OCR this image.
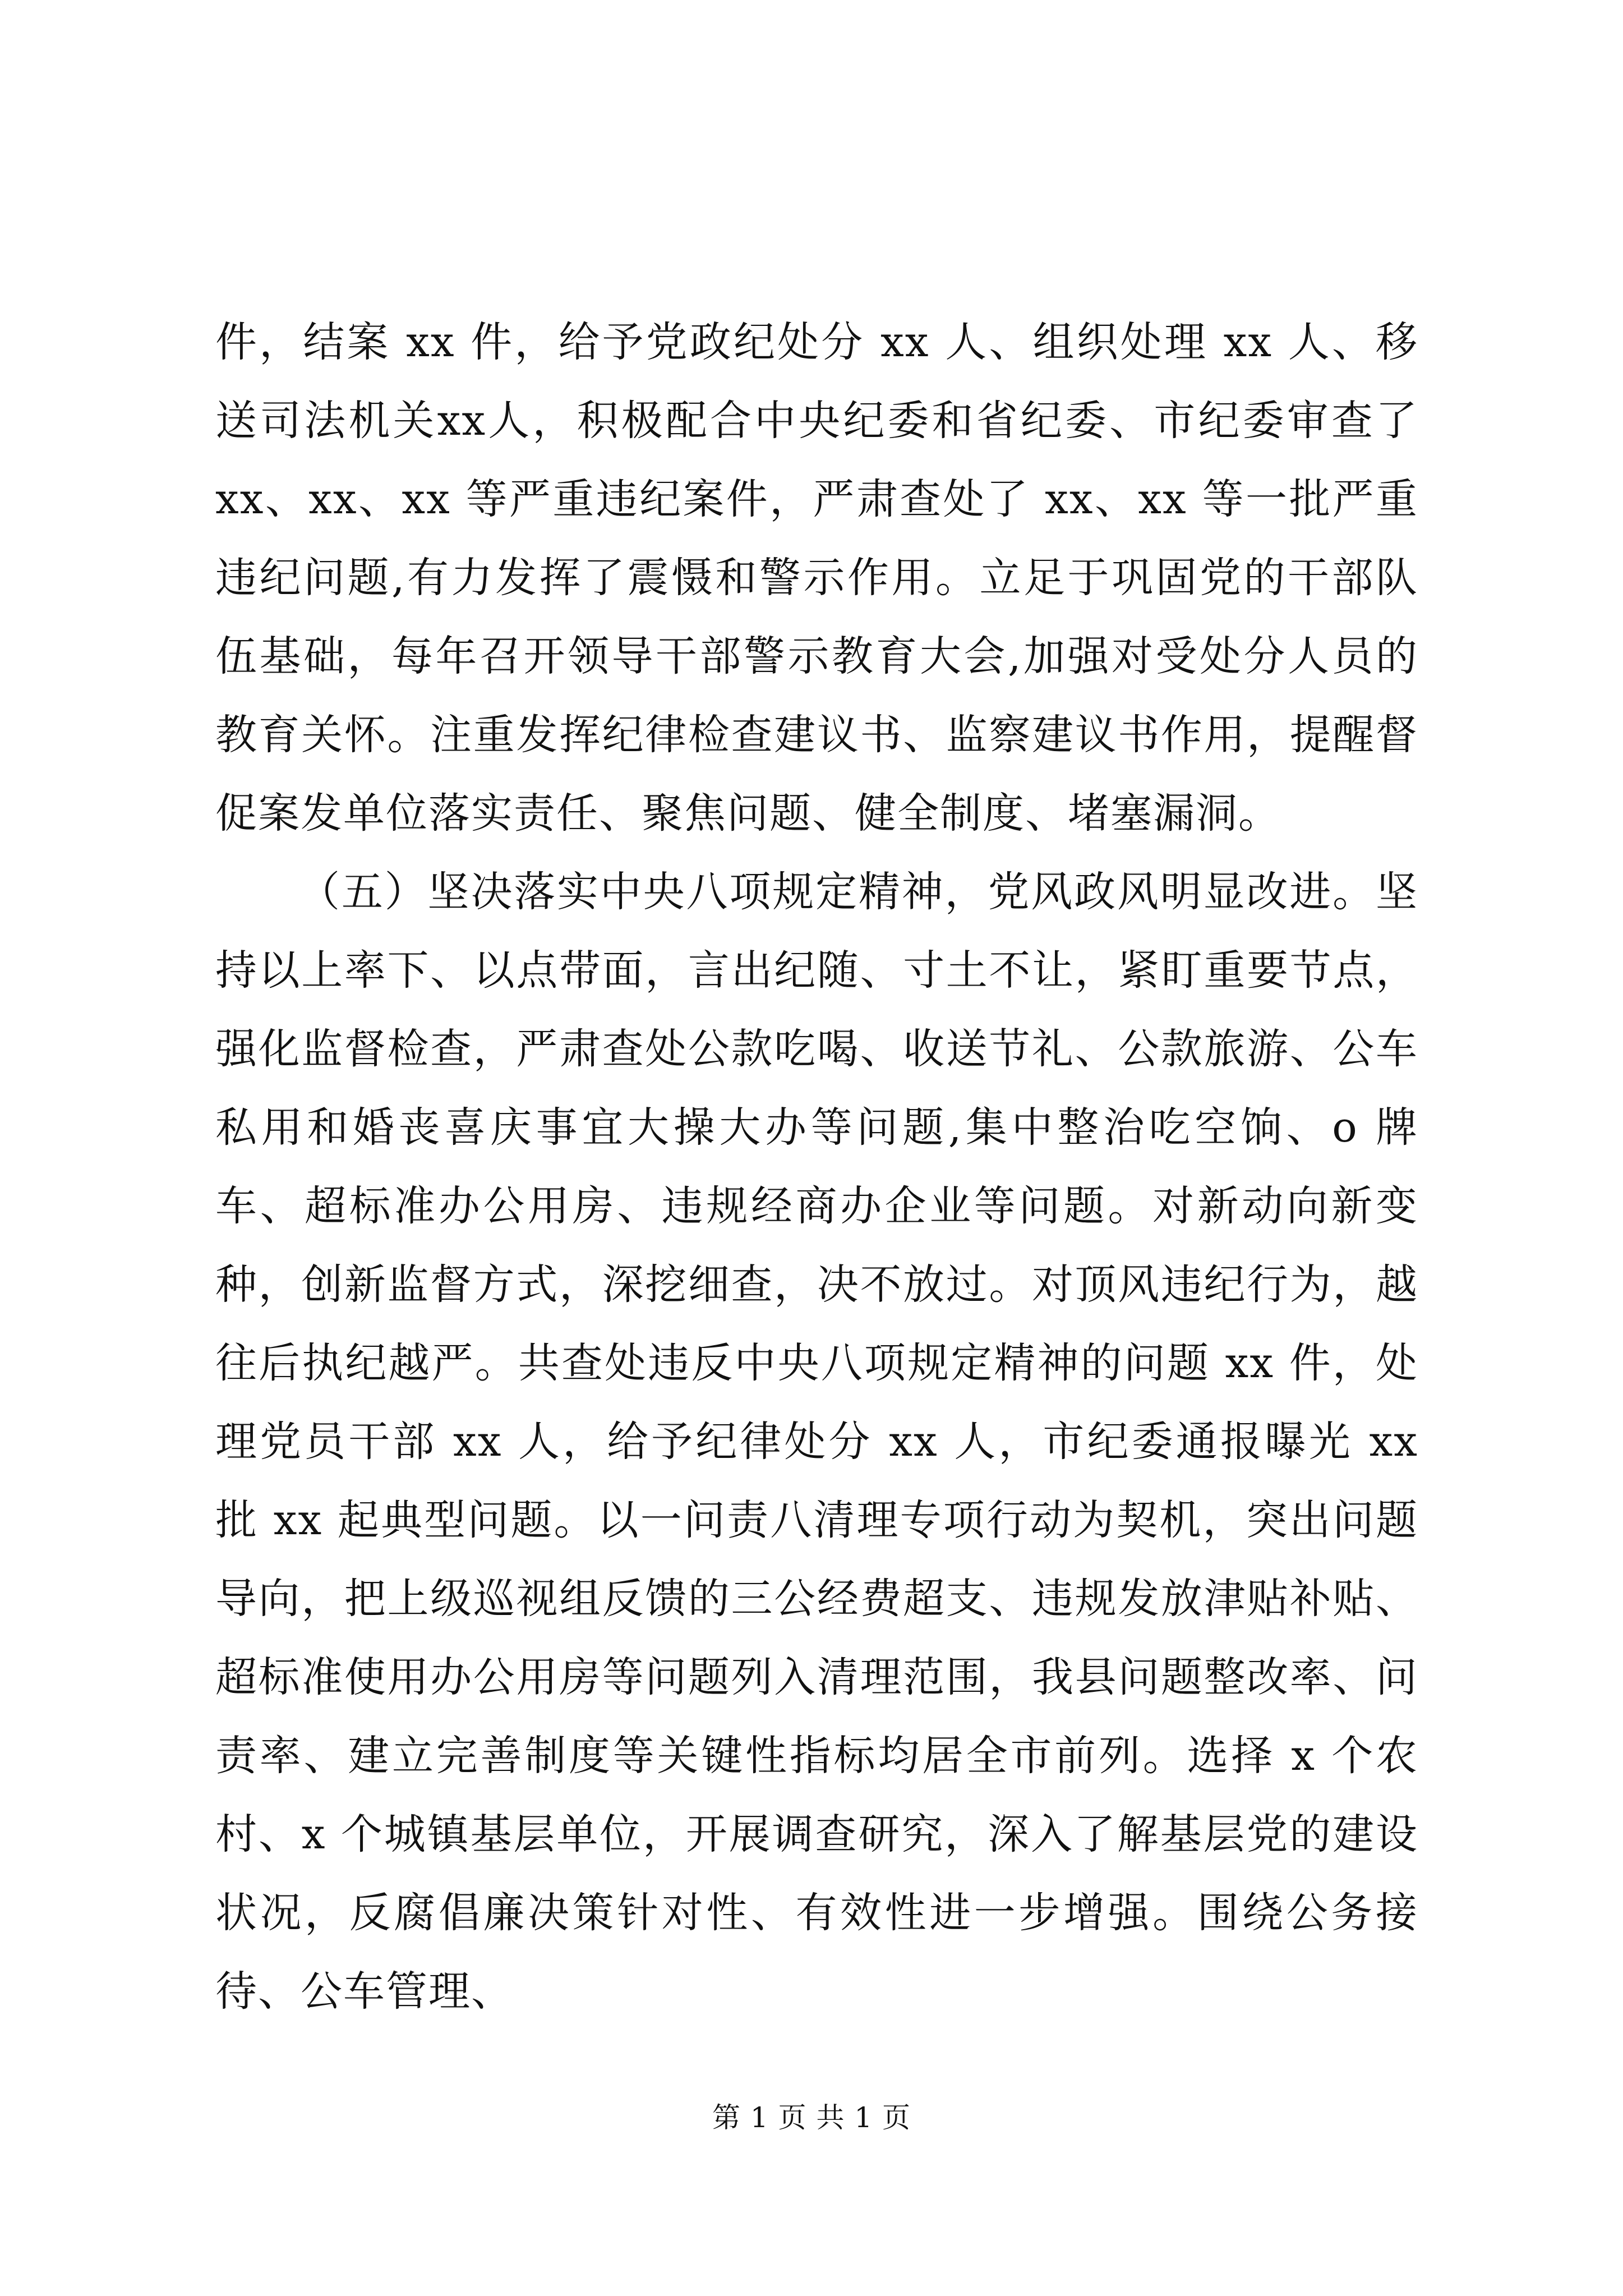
件，结案 xx 件，给予党政纪处分 xx 人、组织处理 xx 人、移送司法机关xx人，积极配合中央纪委和省纪委、市纪委审查了 xx、xx、xx 等严重违纪案件，严肃查处了 xx、xx 等一批严重违纪问题,有力发挥了震慑和警示作用。立足于巩固党的干部队伍基础，每年召开领导干部警示教育大会,加强对受处分人员的教育关怀。注重发挥纪律检查建议书、监察建议书作用，提醒督促案发单位落实责任、聚焦问题、健全制度、堵塞漏洞。

（五）坚决落实中央八项规定精神，党风政风明显改进。坚持以上率下、以点带面，言出纪随、寸土不让，紧盯重要节点，强化监督检查，严肃查处公款吃喝、收送节礼、公款旅游、公车私用和婚丧喜庆事宜大操大办等问题,集中整治吃空饷、o 牌车、超标准办公用房、违规经商办企业等问题。对新动向新变种，创新监督方式，深挖细查，决不放过。对顶风违纪行为，越往后执纪越严。共查处违反中央八项规定精神的问题 xx 件，处理党员干部 xx 人，给予纪律处分 xx 人，市纪委通报曝光 xx 批 xx 起典型问题。以一问责八清理专项行动为契机，突出问题导向，把上级巡视组反馈的三公经费超支、违规发放津贴补贴、超标准使用办公用房等问题列入清理范围，我县问题整改率、问责率、建立完善制度等关键性指标均居全市前列。选择 x 个农村、x 个城镇基层单位，开展调查研究，深入了解基层党的建设状况，反腐倡廉决策针对性、有效性进一步增强。围绕公务接待、公车管理、

第 1 页 共 1 页
